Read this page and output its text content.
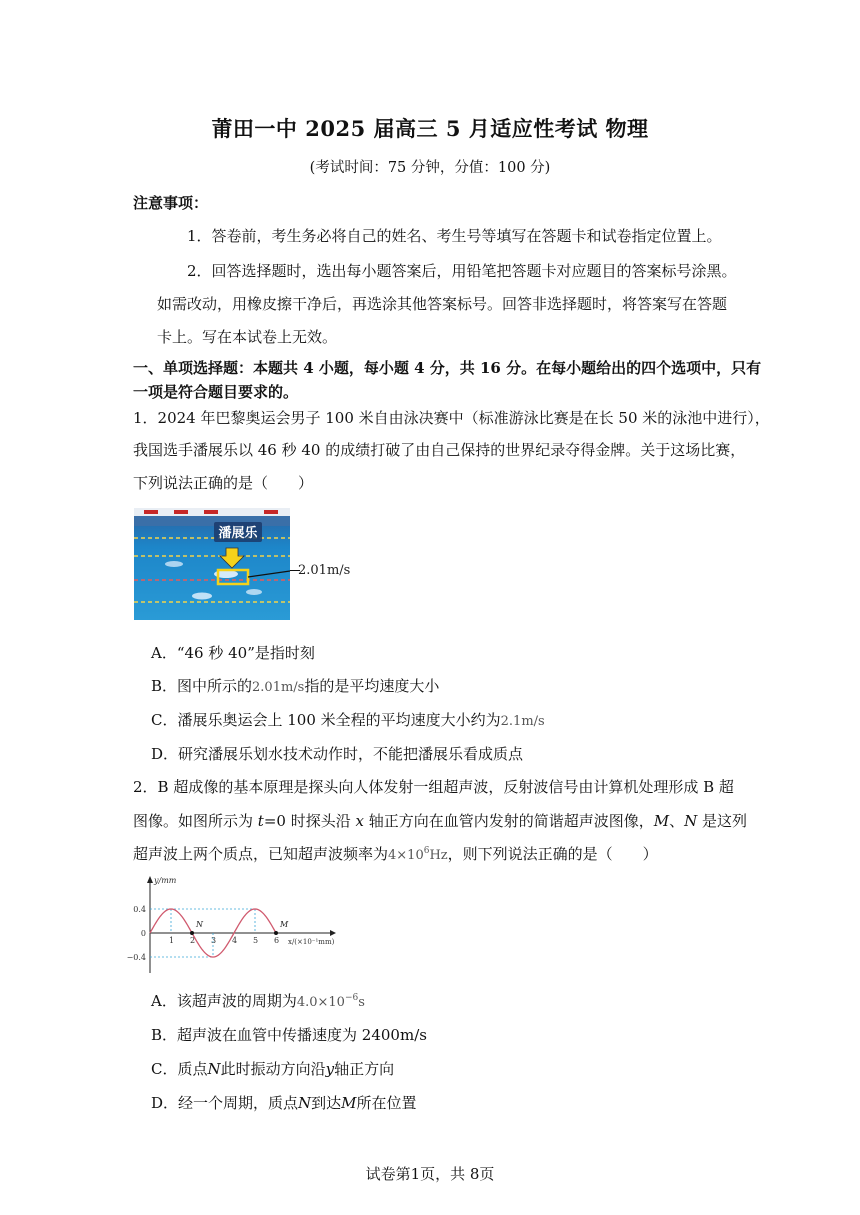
莆田一中 2025 届高三 5 月适应性考试 物理
(考试时间：75 分钟，分值：100 分)
注意事项：
1．答卷前，考生务必将自己的姓名、考生号等填写在答题卡和试卷指定位置上。
2．回答选择题时，选出每小题答案后，用铅笔把答题卡对应题目的答案标号涂黑。
如需改动，用橡皮擦干净后，再选涂其他答案标号。回答非选择题时，将答案写在答题
卡上。写在本试卷上无效。
一、单项选择题：本题共 4 小题，每小题 4 分，共 16 分。在每小题给出的四个选项中，只有
一项是符合题目要求的。
1．2024 年巴黎奥运会男子 100 米自由泳决赛中（标准游泳比赛是在长 50 米的泳池中进行），
我国选手潘展乐以 46 秒 40 的成绩打破了由自己保持的世界纪录夺得金牌。关于这场比赛，
下列说法正确的是（　　）
潘展乐
2.01m/s
A．“46 秒 40”是指时刻
B．图中所示的2.01m/s指的是平均速度大小
C．潘展乐奥运会上 100 米全程的平均速度大小约为2.1m/s
D．研究潘展乐划水技术动作时，不能把潘展乐看成质点
2．B 超成像的基本原理是探头向人体发射一组超声波，反射波信号由计算机处理形成 B 超
图像。如图所示为 t=0 时探头沿 x 轴正方向在血管内发射的简谐超声波图像，M、N 是这列
超声波上两个质点，已知超声波频率为$4\times 10^6Hz$，则下列说法正确的是（　　）
y/mm
x/(×10⁻¹mm)
0.4
0
−0.4
1 2 3 4 5 6
N	M
A．该超声波的周期为$4.0\times 10^{-6}s$
B．超声波在血管中传播速度为 2400m/s
C．质点N此时振动方向沿y轴正方向
D．经一个周期，质点N到达M所在位置
试卷第1页，共 8页
